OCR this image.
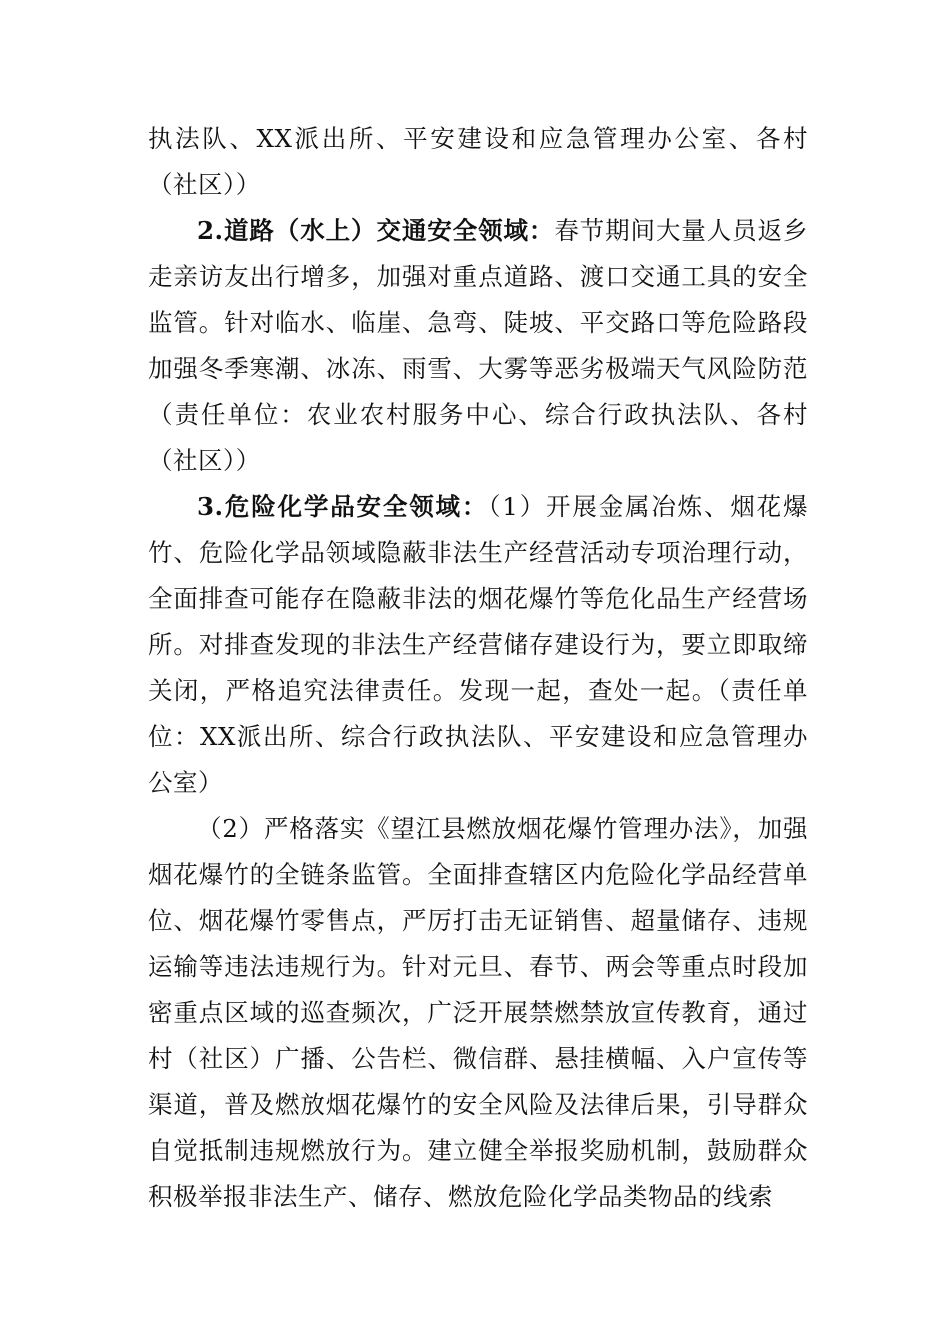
执法队、XX派出所、平安建设和应急管理办公室、各村（社区））

2.道路（水上）交通安全领域：春节期间大量人员返乡走亲访友出行增多，加强对重点道路、渡口交通工具的安全监管。针对临水、临崖、急弯、陡坡、平交路口等危险路段加强冬季寒潮、冰冻、雨雪、大雾等恶劣极端天气风险防范（责任单位：农业农村服务中心、综合行政执法队、各村（社区））

3.危险化学品安全领域：（1）开展金属冶炼、烟花爆竹、危险化学品领域隐蔽非法生产经营活动专项治理行动，全面排查可能存在隐蔽非法的烟花爆竹等危化品生产经营场所。对排查发现的非法生产经营储存建设行为，要立即取缔关闭，严格追究法律责任。发现一起，查处一起。（责任单位：XX派出所、综合行政执法队、平安建设和应急管理办公室）

（2）严格落实《望江县燃放烟花爆竹管理办法》，加强烟花爆竹的全链条监管。全面排查辖区内危险化学品经营单位、烟花爆竹零售点，严厉打击无证销售、超量储存、违规运输等违法违规行为。针对元旦、春节、两会等重点时段加密重点区域的巡查频次，广泛开展禁燃禁放宣传教育，通过村（社区）广播、公告栏、微信群、悬挂横幅、入户宣传等渠道，普及燃放烟花爆竹的安全风险及法律后果，引导群众自觉抵制违规燃放行为。建立健全举报奖励机制，鼓励群众积极举报非法生产、储存、燃放危险化学品类物品的线索
